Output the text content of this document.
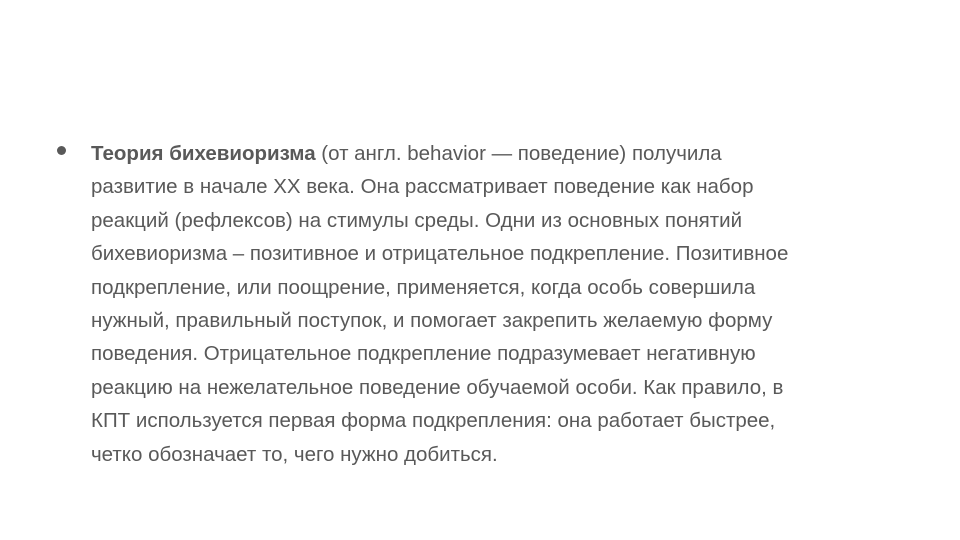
Теория бихевиоризма (от англ. behavior — поведение) получила
развитие в начале ХХ века. Она рассматривает поведение как набор
реакций (рефлексов) на стимулы среды. Одни из основных понятий
бихевиоризма – позитивное и отрицательное подкрепление. Позитивное
подкрепление, или поощрение, применяется, когда особь совершила
нужный, правильный поступок, и помогает закрепить желаемую форму
поведения. Отрицательное подкрепление подразумевает негативную
реакцию на нежелательное поведение обучаемой особи. Как правило, в
КПТ используется первая форма подкрепления: она работает быстрее,
четко обозначает то, чего нужно добиться.
